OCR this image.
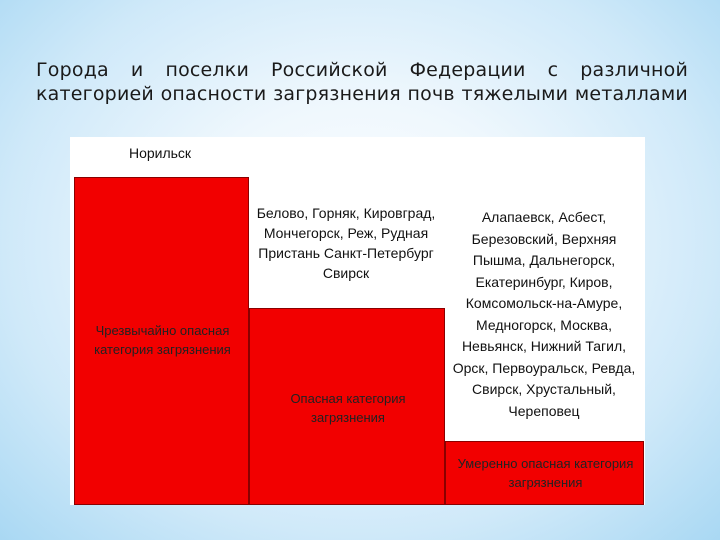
Города и поселки Российской Федерации с различной
категорией опасности загрязнения почв тяжелыми металлами
Норильск
Чрезвычайно опасная
категория загрязнения
Белово, Горняк, Кировград,
Мончегорск, Реж, Рудная
Пристань Санкт-Петербург
Свирск
Опасная категория
загрязнения
Алапаевск, Асбест,
Березовский, Верхняя
Пышма, Дальнегорск,
Екатеринбург, Киров,
Комсомольск-на-Амуре,
Медногорск, Москва,
Невьянск, Нижний Тагил,
Орск, Первоуральск, Ревда,
Свирск, Хрустальный,
Череповец
Умеренно опасная категория
загрязнения
